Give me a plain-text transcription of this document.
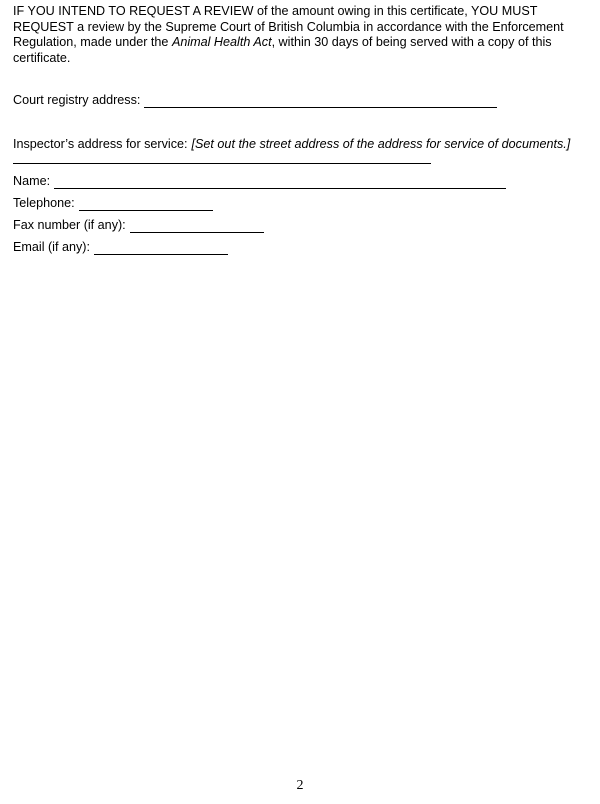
IF YOU INTEND TO REQUEST A REVIEW of the amount owing in this certificate, YOU MUST REQUEST a review by the Supreme Court of British Columbia in accordance with the Enforcement Regulation, made under the Animal Health Act, within 30 days of being served with a copy of this certificate.

Court registry address:
Inspector’s address for service: [Set out the street address of the address for service of documents.]
Name:
Telephone:
Fax number (if any):
Email (if any):
2
